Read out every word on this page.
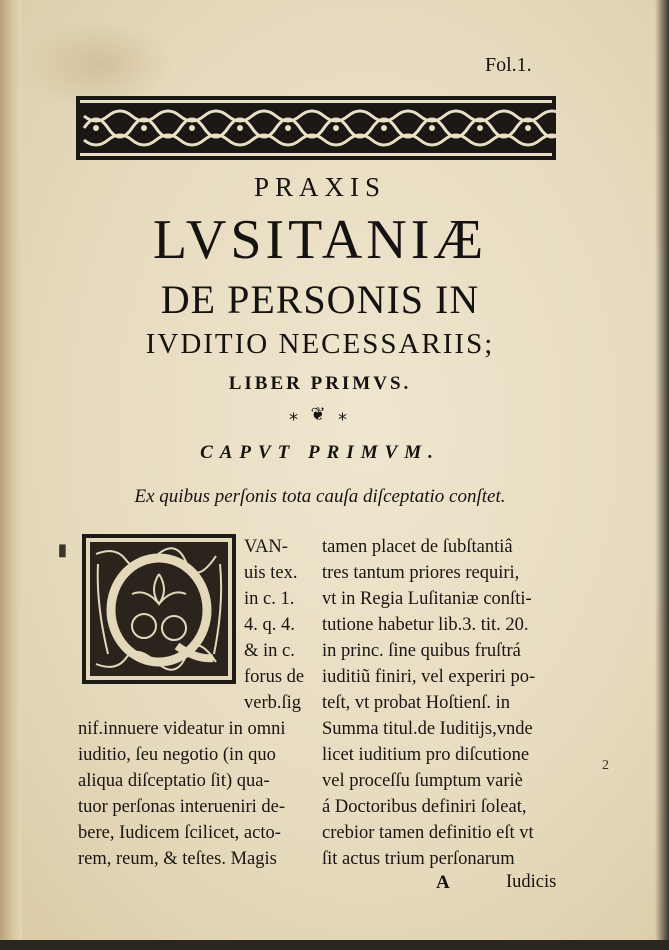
Fol.1.
PRAXIS
LVSITANIÆ
DE PERSONIS IN
IVDITIO NECESSARIIS;
LIBER PRIMVS.
⁎ ❦ ⁎
CAPVT PRIMVM.
Ex quibus perſonis tota cauſa diſceptatio conſtet.
Q
VAN-
uis tex.
in c. 1.
4. q. 4.
& in c.
forus de
verb.ſig
nif.innuere videatur in omni
iuditio, ſeu negotio (in quo
aliqua diſceptatio ſit) qua-
tuor perſonas interueniri de-
bere, Iudicem ſcilicet, acto-
rem, reum, & teſtes. Magis
tamen placet de ſubſtantiâ
tres tantum priores requiri,
vt in Regia Luſitaniæ conſti-
tutione habetur lib.3. tit. 20.
in princ. ſine quibus fruſtrá
iuditiũ finiri, vel experiri po-
teſt, vt probat Hoſtienſ. in
Summa titul.de Iuditijs,vnde
licet iuditium pro diſcutione
vel proceſſu ſumptum variè
á Doctoribus definiri ſoleat,
crebior tamen definitio eſt vt
ſit actus trium perſonarum
A	Iudicis
2
▮
